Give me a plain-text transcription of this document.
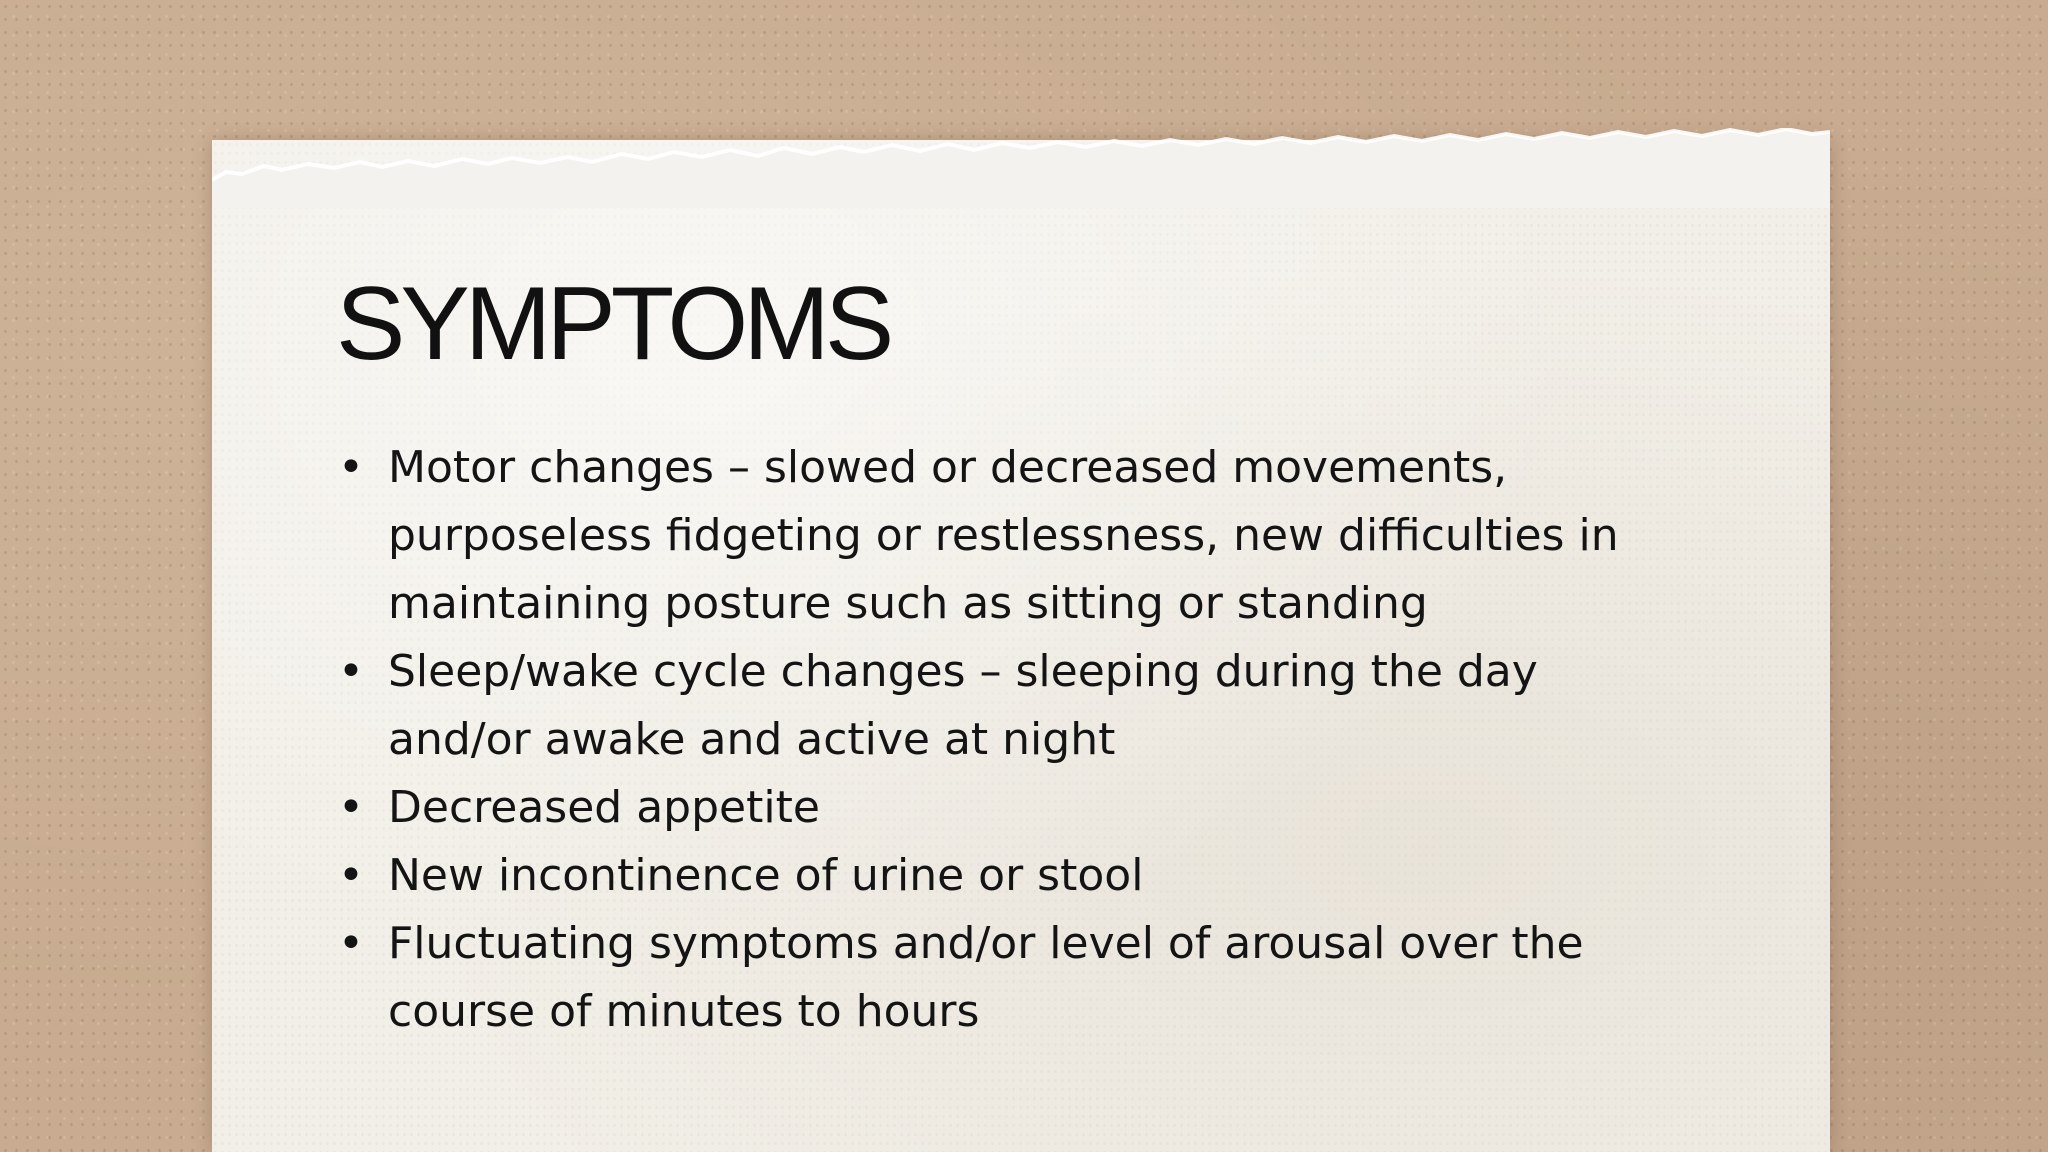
SYMPTOMS
• Motor changes – slowed or decreased movements, purposeless fidgeting or restlessness, new difficulties in maintaining posture such as sitting or standing
• Sleep/wake cycle changes – sleeping during the day and/or awake and active at night
• Decreased appetite
• New incontinence of urine or stool
• Fluctuating symptoms and/or level of arousal over the course of minutes to hours
